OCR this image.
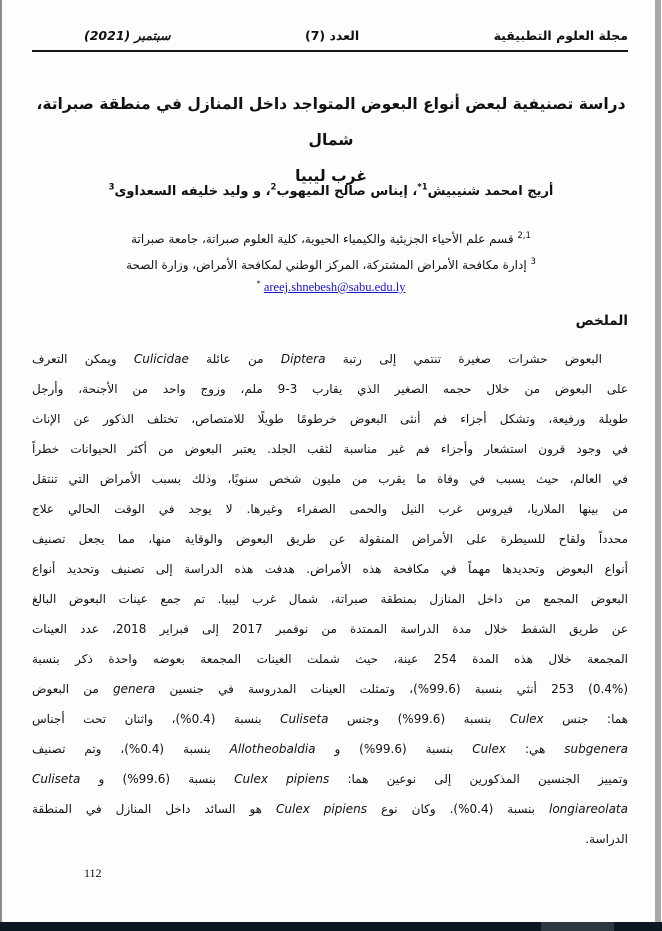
مجلة العلوم التطبيقية
العدد (7)
سبتمبر (2021)
دراسة تصنيفية لبعض أنواع البعوض المتواجد داخل المنازل في منطقة صبراتة، شمال
غرب ليبيا
أريج امحمد شنيبيش$^{1*}$، إيناس صالح الميهوب$^2$، و وليد خليفه السعداوى$^3$
$^{2,1}$ قسم علم الأحياء الجزيئية والكيمياء الحيوية، كلية العلوم صبراتة، جامعة صبراتة
$^3$ إدارة مكافحة الأمراض المشتركة، المركز الوطني لمكافحة الأمراض، وزارة الصحة
* areej.shnebesh@sabu.edu.ly
الملخص
البعوض حشرات صغيرة تنتمي إلى رتبة Diptera من عائلة Culicidae ويمكن التعرف
على البعوض من خلال حجمه الصغير الذي يقارب 3-9 ملم، وزوج واحد من الأجنحة، وأرجل
طويلة ورفيعة، وتشكل أجزاء فم أنثى البعوض خرطومًا طويلًا للامتصاص، تختلف الذكور عن الإناث
في وجود قرون استشعار وأجزاء فم غير مناسبة لثقب الجلد. يعتبر البعوض من أكثر الحيوانات خطراً
في العالم، حيث يسبب في وفاة ما يقرب من مليون شخص سنويًا، وذلك بسبب الأمراض التي تنتقل
من بينها الملاريا، فيروس غرب النيل والحمى الصفراء وغيرها. لا يوجد في الوقت الحالي علاج
محدداً ولقاح للسيطرة على الأمراض المنقولة عن طريق البعوض والوقاية منها، مما يجعل تصنيف
أنواع البعوض وتحديدها مهماً في مكافحة هذه الأمراض. هدفت هذه الدراسة إلى تصنيف وتحديد أنواع
البعوض المجمع من داخل المنازل بمنطقة صبراتة، شمال غرب ليبيا. تم جمع عينات البعوض البالغ
عن طريق الشفط خلال مدة الدراسة الممتدة من نوفمبر 2017 إلى فبراير 2018، عدد العينات
المجمعة خلال هذه المدة 254 عينة، حيث شملت العينات المجمعة بعوضه واحدة ذكر بنسبة
(0.4%) 253 أنثي بنسبة (99.6%)، وتمثلت العينات المدروسة في جنسين genera من البعوض
هما: جنس Culex بنسبة (99.6%) وجنس Culiseta بنسبة (0.4%)، واثنان تحت أجناس
subgenera هي: Culex بنسبة (99.6%) و Allotheobaldia بنسبة (0.4%)، وتم تصنيف
وتمييز الجنسين المذكورين إلى نوعين هما: Culex pipiens بنسبة (99.6%) و Culiseta
longiareolata بنسبة (0.4%). وكان نوع Culex pipiens هو السائد داخل المنازل في المنطقة
الدراسة.
112
